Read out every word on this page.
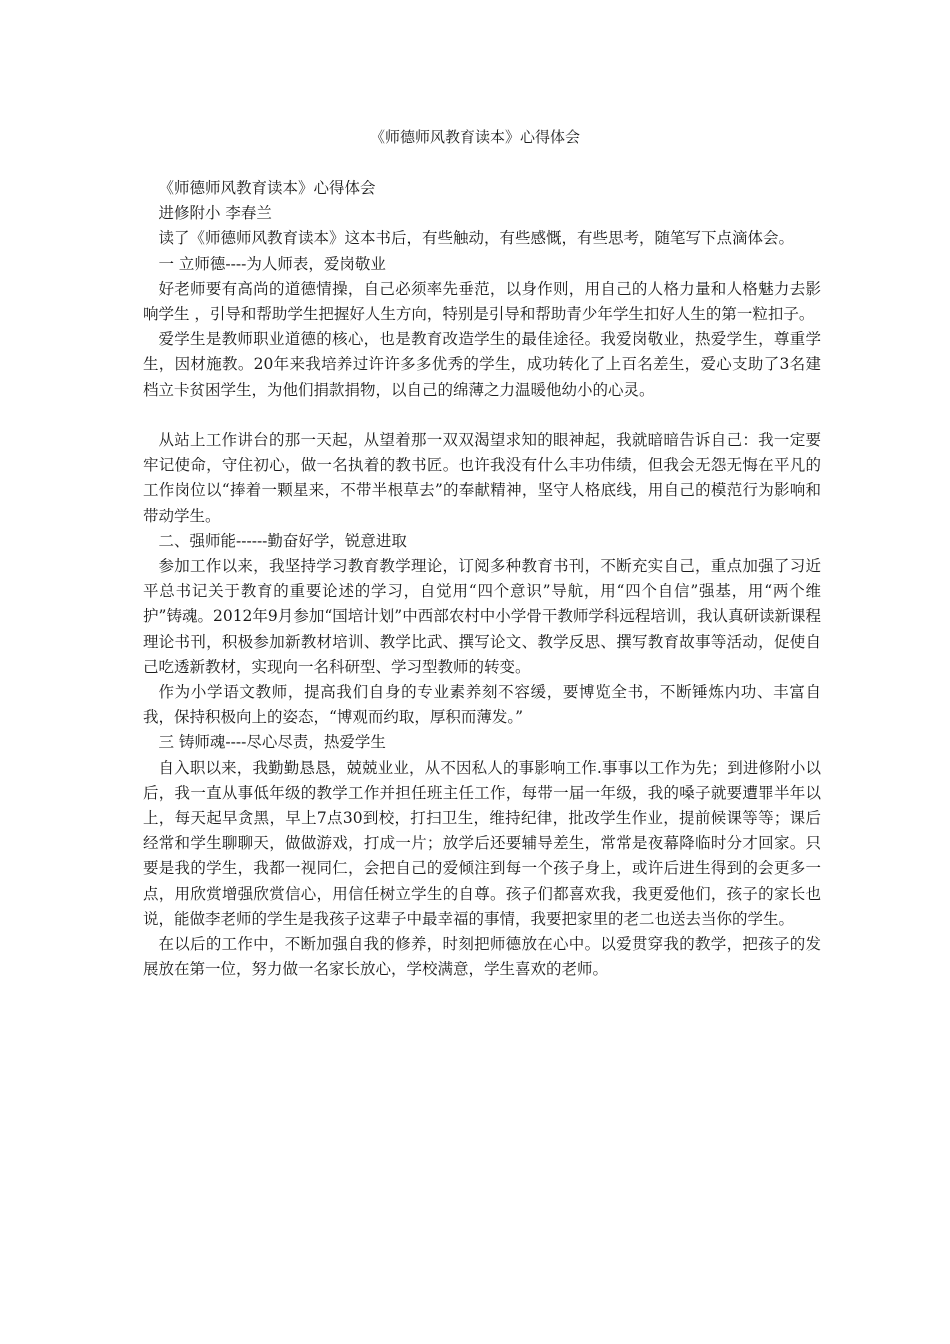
《师德师风教育读本》心得体会

《师德师风教育读本》心得体会

进修附小 李春兰

读了《师德师风教育读本》这本书后，有些触动，有些感慨，有些思考，随笔写下点滴体会。

一 立师德----为人师表，爱岗敬业

好老师要有高尚的道德情操，自己必须率先垂范，以身作则，用自己的人格力量和人格魅力去影响学生 ，引导和帮助学生把握好人生方向，特别是引导和帮助青少年学生扣好人生的第一粒扣子。

爱学生是教师职业道德的核心，也是教育改造学生的最佳途径。我爱岗敬业，热爱学生，尊重学生，因材施教。20年来我培养过许许多多优秀的学生，成功转化了上百名差生，爱心支助了3名建档立卡贫困学生，为他们捐款捐物，以自己的绵薄之力温暖他幼小的心灵。

从站上工作讲台的那一天起，从望着那一双双渴望求知的眼神起，我就暗暗告诉自己：我一定要牢记使命，守住初心，做一名执着的教书匠。也许我没有什么丰功伟绩，但我会无怨无悔在平凡的工作岗位以“捧着一颗星来，不带半根草去”的奉献精神，坚守人格底线，用自己的模范行为影响和带动学生。

二、强师能------勤奋好学，锐意进取

参加工作以来，我坚持学习教育教学理论，订阅多种教育书刊，不断充实自己，重点加强了习近平总书记关于教育的重要论述的学习，自觉用“四个意识”导航，用“四个自信”强基，用“两个维护”铸魂。2012年9月参加“国培计划”中西部农村中小学骨干教师学科远程培训，我认真研读新课程理论书刊，积极参加新教材培训、教学比武、撰写论文、教学反思、撰写教育故事等活动，促使自己吃透新教材，实现向一名科研型、学习型教师的转变。

作为小学语文教师，提高我们自身的专业素养刻不容缓，要博览全书，不断锤炼内功、丰富自我，保持积极向上的姿态，“博观而约取，厚积而薄发。”

三 铸师魂----尽心尽责，热爱学生

自入职以来，我勤勤恳恳，兢兢业业，从不因私人的事影响工作.事事以工作为先；到进修附小以后，我一直从事低年级的教学工作并担任班主任工作，每带一届一年级，我的嗓子就要遭罪半年以上，每天起早贪黑，早上7点30到校，打扫卫生，维持纪律，批改学生作业，提前候课等等；课后经常和学生聊聊天，做做游戏，打成一片；放学后还要辅导差生，常常是夜幕降临时分才回家。只要是我的学生，我都一视同仁，会把自己的爱倾注到每一个孩子身上，或许后进生得到的会更多一点，用欣赏增强欣赏信心，用信任树立学生的自尊。孩子们都喜欢我，我更爱他们，孩子的家长也说，能做李老师的学生是我孩子这辈子中最幸福的事情，我要把家里的老二也送去当你的学生。

在以后的工作中，不断加强自我的修养，时刻把师德放在心中。以爱贯穿我的教学，把孩子的发展放在第一位，努力做一名家长放心，学校满意，学生喜欢的老师。
